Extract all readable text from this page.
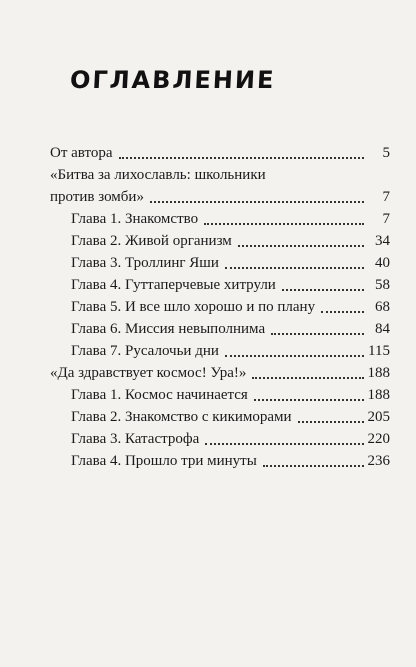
ОГЛАВЛЕНИЕ
От автора	5
«Битва за лихославль: школьники
против зомби»	7
Глава 1. Знакомство	7
Глава 2. Живой организм	34
Глава 3. Троллинг Яши	40
Глава 4. Гуттаперчевые хитрули	58
Глава 5. И все шло хорошо и по плану	68
Глава 6. Миссия невыполнима	84
Глава 7. Русалочьи дни	115
«Да здравствует космос! Ура!»	188
Глава 1. Космос начинается	188
Глава 2. Знакомство с кикиморами	205
Глава 3. Катастрофа	220
Глава 4. Прошло три минуты	236
